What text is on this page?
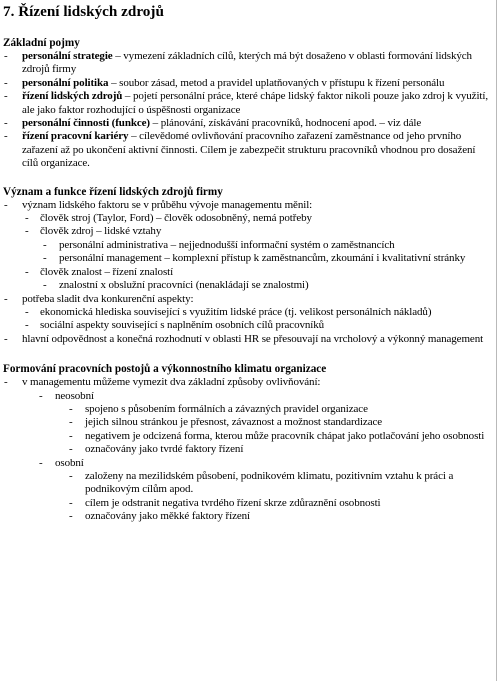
7. Řízení lidských zdrojů
Základní pojmy
- personální strategie – vymezení základních cílů, kterých má být dosaženo v oblasti formování lidských zdrojů firmy
- personální politika – soubor zásad, metod a pravidel uplatňovaných v přístupu k řízení personálu
- řízení lidských zdrojů – pojetí personální práce, které chápe lidský faktor nikoli pouze jako zdroj k využití, ale jako faktor rozhodující o úspěšnosti organizace
- personální činnosti (funkce) – plánování, získávání pracovníků, hodnocení apod. – viz dále
- řízení pracovní kariéry – cílevědomé ovlivňování pracovního zařazení zaměstnance od jeho prvního zařazení až po ukončení aktivní činnosti. Cílem je zabezpečit strukturu pracovníků vhodnou pro dosažení cílů organizace.
Význam a funkce řízení lidských zdrojů firmy
- význam lidského faktoru se v průběhu vývoje managementu měnil:
- člověk stroj (Taylor, Ford) – člověk odosobněný, nemá potřeby
- člověk zdroj – lidské vztahy
- personální administrativa – nejjednodušší informační systém o zaměstnancích
- personální management – komplexní přístup k zaměstnancům, zkoumání i kvalitativní stránky
- člověk znalost – řízení znalostí
- znalostní x obslužní pracovníci (nenakládají se znalostmi)
- potřeba sladit dva konkurenční aspekty:
- ekonomická hlediska související s využitím lidské práce (tj. velikost personálních nákladů)
- sociální aspekty související s naplněním osobních cílů pracovníků
- hlavní odpovědnost a konečná rozhodnutí v oblasti HR se přesouvají na vrcholový a výkonný management
Formování pracovních postojů a výkonnostního klimatu organizace
- v managementu můžeme vymezit dva základní způsoby ovlivňování:
- neosobní
- spojeno s působením formálních a závazných pravidel organizace
- jejich silnou stránkou je přesnost, závaznost a možnost standardizace
- negativem je odcizená forma, kterou může pracovník chápat jako potlačování jeho osobnosti
- označovány jako tvrdé faktory řízení
- osobní
- založeny na mezilidském působení, podnikovém klimatu, pozitivním vztahu k práci a podnikovým cílům apod.
- cílem je odstranit negativa tvrdého řízení skrze zdůraznění osobnosti
- označovány jako měkké faktory řízení
